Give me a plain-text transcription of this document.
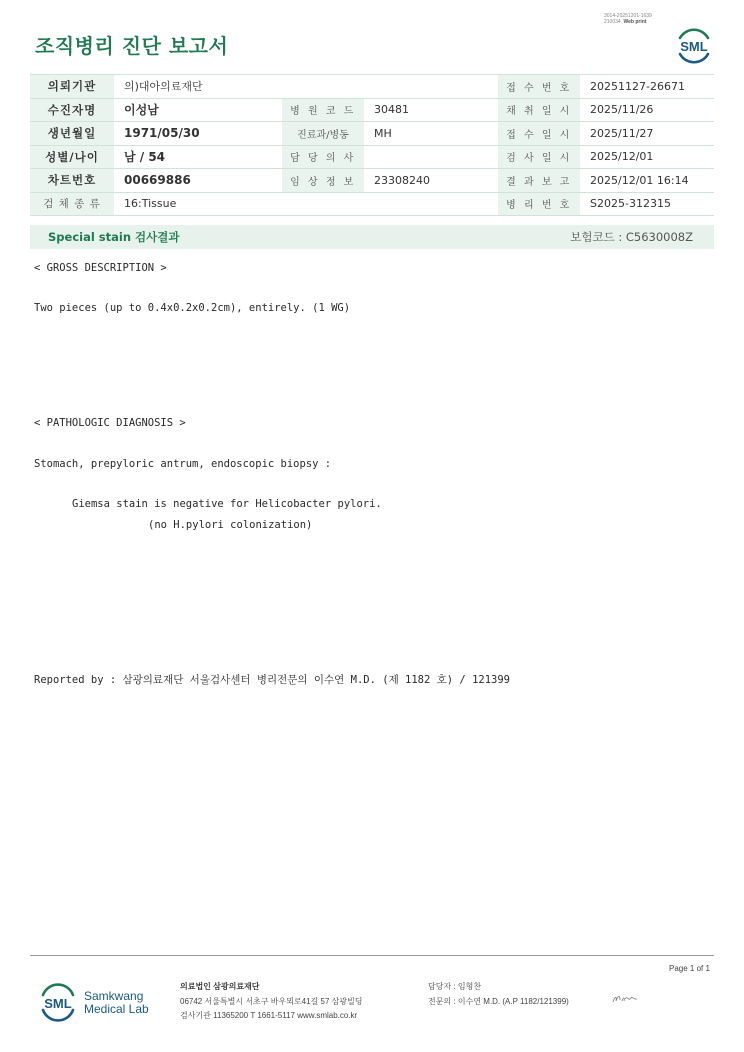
3014-20251201-1639
210034 Web print
조직병리 진단 보고서	SML
의뢰기관	의)대아의료재단			접 수 번 호	20251127-26671
수진자명	이성남	병 원 코 드	30481	채 취 일 시	2025/11/26
생년월일	1971/05/30	진료과/병동	MH	접 수 일 시	2025/11/27
성별/나이	남 / 54	담 당 의 사		검 사 일 시	2025/12/01
차트번호	00669886	임 상 정 보	23308240	결 과 보 고	2025/12/01 16:14
검 체 종 류	16:Tissue			병 리 번 호	S2025-312315
Special stain 검사결과	보험코드 : C5630008Z
< GROSS DESCRIPTION >
Two pieces (up to 0.4x0.2x0.2cm), entirely. (1 WG)
< PATHOLOGIC DIAGNOSIS >
Stomach, prepyloric antrum, endoscopic biopsy :
Giemsa stain is negative for Helicobacter pylori.
(no H.pylori colonization)
Reported by : 삼광의료재단 서울검사센터 병리전문의 이수연 M.D. (제 1182 호) / 121399
Page 1 of 1
SML Samkwang
Medical Lab
의료법인 삼광의료재단
06742 서울특별시 서초구 바우뫼로41길 57 삼광빌딩
검사기관 11365200 T 1661-5117 www.smlab.co.kr
담당자 : 임형찬
전문의 : 이수연 M.D. (A.P 1182/121399)
